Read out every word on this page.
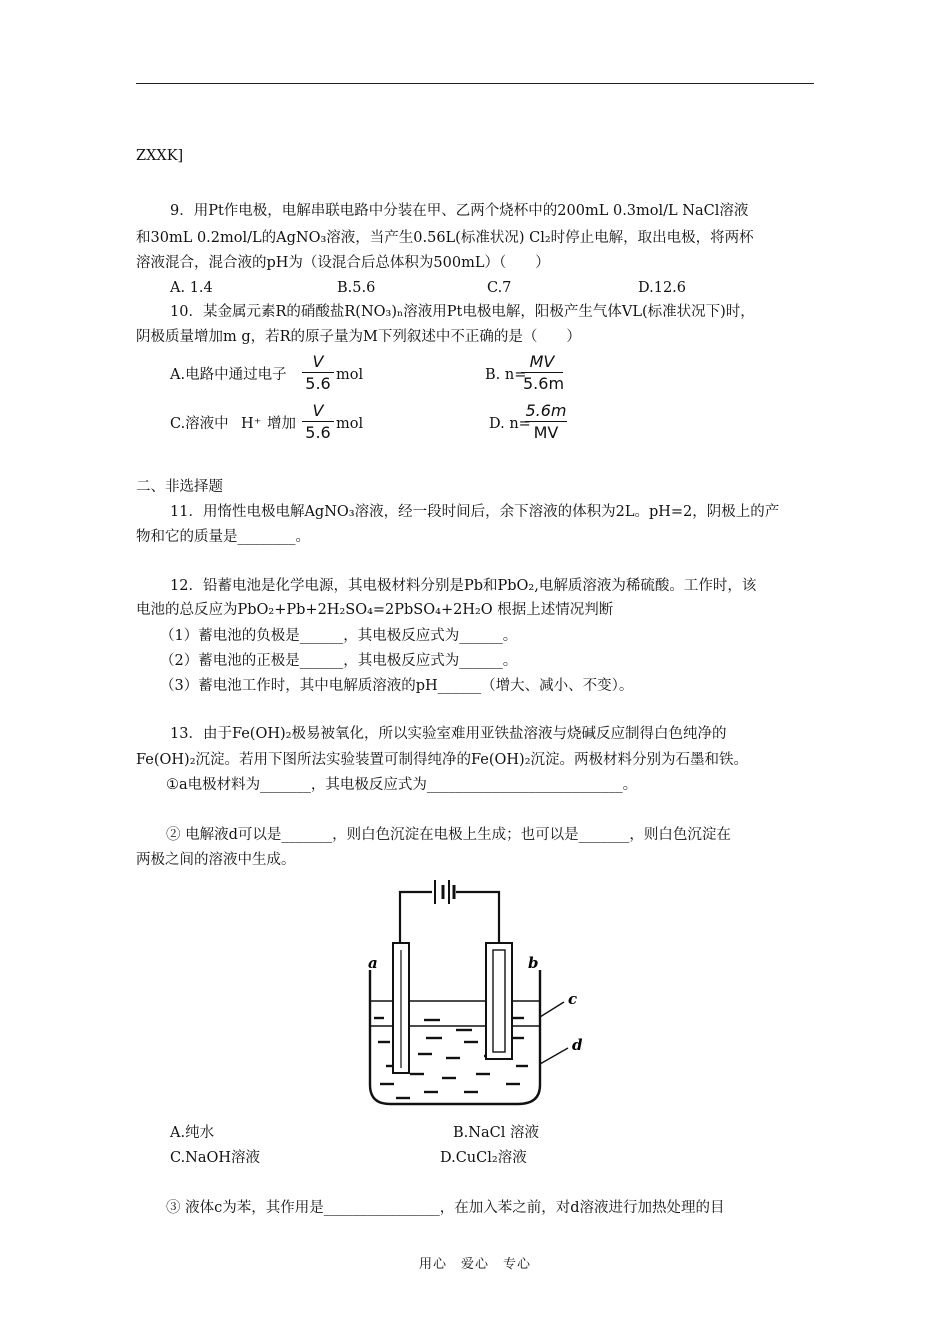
ZXXK]
9．用Pt作电极，电解串联电路中分装在甲、乙两个烧杯中的200mL 0.3mol/L NaCl溶液
和30mL 0.2mol/L的AgNO₃溶液，当产生0.56L(标准状况) Cl₂时停止电解，取出电极，将两杯
溶液混合，混合液的pH为（设混合后总体积为500mL）（　　）
A. 1.4	B.5.6	C.7	D.12.6
10．某金属元素R的硝酸盐R(NO₃)ₙ溶液用Pt电极电解，阳极产生气体VL(标准状况下)时，
阴极质量增加m g，若R的原子量为M下列叙述中不正确的是（　　）
A.电路中通过电子 $\frac{V}{5.6}$ mol	B. n=
$\frac{MV}{5.6m}$
C.溶液中 H⁺ 增加 $\frac{V}{5.6}$ mol	D. n=
$\frac{5.6m}{MV}$
二、非选择题
11．用惰性电极电解AgNO₃溶液，经一段时间后，余下溶液的体积为2L。pH=2，阴极上的产
物和它的质量是________。
12．铅蓄电池是化学电源，其电极材料分别是Pb和PbO₂,电解质溶液为稀硫酸。工作时，该
电池的总反应为PbO₂+Pb+2H₂SO₄=2PbSO₄+2H₂O 根据上述情况判断
（1）蓄电池的负极是______，其电极反应式为______。
（2）蓄电池的正极是______，其电极反应式为______。
（3）蓄电池工作时，其中电解质溶液的pH______（增大、减小、不变）。
13．由于Fe(OH)₂极易被氧化，所以实验室难用亚铁盐溶液与烧碱反应制得白色纯净的
Fe(OH)₂沉淀。若用下图所法实验装置可制得纯净的Fe(OH)₂沉淀。两极材料分别为石墨和铁。
①a电极材料为_______，其电极反应式为___________________________。
② 电解液d可以是_______，则白色沉淀在电极上生成；也可以是_______，则白色沉淀在
两极之间的溶液中生成。
a	b
c
d
A.纯水	B.NaCl 溶液
C.NaOH溶液	D.CuCl₂溶液
③ 液体c为苯，其作用是________________，在加入苯之前，对d溶液进行加热处理的目
用心　爱心　专心
